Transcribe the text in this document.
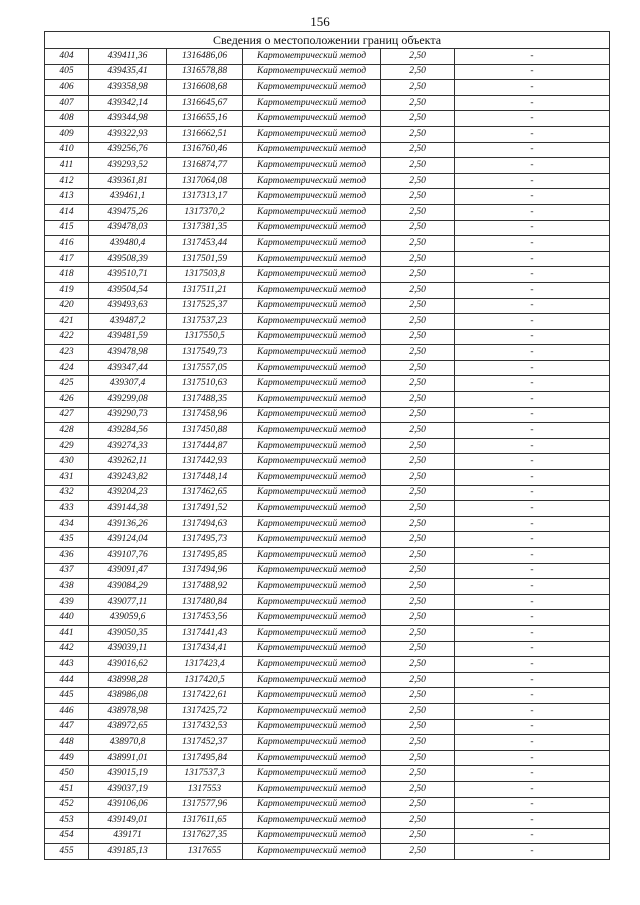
156
Сведения о местоположении границ объекта					
404	439411,36	1316486,06	Картометрический метод	2,50	-
405	439435,41	1316578,88	Картометрический метод	2,50	-
406	439358,98	1316608,68	Картометрический метод	2,50	-
407	439342,14	1316645,67	Картометрический метод	2,50	-
408	439344,98	1316655,16	Картометрический метод	2,50	-
409	439322,93	1316662,51	Картометрический метод	2,50	-
410	439256,76	1316760,46	Картометрический метод	2,50	-
411	439293,52	1316874,77	Картометрический метод	2,50	-
412	439361,81	1317064,08	Картометрический метод	2,50	-
413	439461,1	1317313,17	Картометрический метод	2,50	-
414	439475,26	1317370,2	Картометрический метод	2,50	-
415	439478,03	1317381,35	Картометрический метод	2,50	-
416	439480,4	1317453,44	Картометрический метод	2,50	-
417	439508,39	1317501,59	Картометрический метод	2,50	-
418	439510,71	1317503,8	Картометрический метод	2,50	-
419	439504,54	1317511,21	Картометрический метод	2,50	-
420	439493,63	1317525,37	Картометрический метод	2,50	-
421	439487,2	1317537,23	Картометрический метод	2,50	-
422	439481,59	1317550,5	Картометрический метод	2,50	-
423	439478,98	1317549,73	Картометрический метод	2,50	-
424	439347,44	1317557,05	Картометрический метод	2,50	-
425	439307,4	1317510,63	Картометрический метод	2,50	-
426	439299,08	1317488,35	Картометрический метод	2,50	-
427	439290,73	1317458,96	Картометрический метод	2,50	-
428	439284,56	1317450,88	Картометрический метод	2,50	-
429	439274,33	1317444,87	Картометрический метод	2,50	-
430	439262,11	1317442,93	Картометрический метод	2,50	-
431	439243,82	1317448,14	Картометрический метод	2,50	-
432	439204,23	1317462,65	Картометрический метод	2,50	-
433	439144,38	1317491,52	Картометрический метод	2,50	-
434	439136,26	1317494,63	Картометрический метод	2,50	-
435	439124,04	1317495,73	Картометрический метод	2,50	-
436	439107,76	1317495,85	Картометрический метод	2,50	-
437	439091,47	1317494,96	Картометрический метод	2,50	-
438	439084,29	1317488,92	Картометрический метод	2,50	-
439	439077,11	1317480,84	Картометрический метод	2,50	-
440	439059,6	1317453,56	Картометрический метод	2,50	-
441	439050,35	1317441,43	Картометрический метод	2,50	-
442	439039,11	1317434,41	Картометрический метод	2,50	-
443	439016,62	1317423,4	Картометрический метод	2,50	-
444	438998,28	1317420,5	Картометрический метод	2,50	-
445	438986,08	1317422,61	Картометрический метод	2,50	-
446	438978,98	1317425,72	Картометрический метод	2,50	-
447	438972,65	1317432,53	Картометрический метод	2,50	-
448	438970,8	1317452,37	Картометрический метод	2,50	-
449	438991,01	1317495,84	Картометрический метод	2,50	-
450	439015,19	1317537,3	Картометрический метод	2,50	-
451	439037,19	1317553	Картометрический метод	2,50	-
452	439106,06	1317577,96	Картометрический метод	2,50	-
453	439149,01	1317611,65	Картометрический метод	2,50	-
454	439171	1317627,35	Картометрический метод	2,50	-
455	439185,13	1317655	Картометрический метод	2,50	-
